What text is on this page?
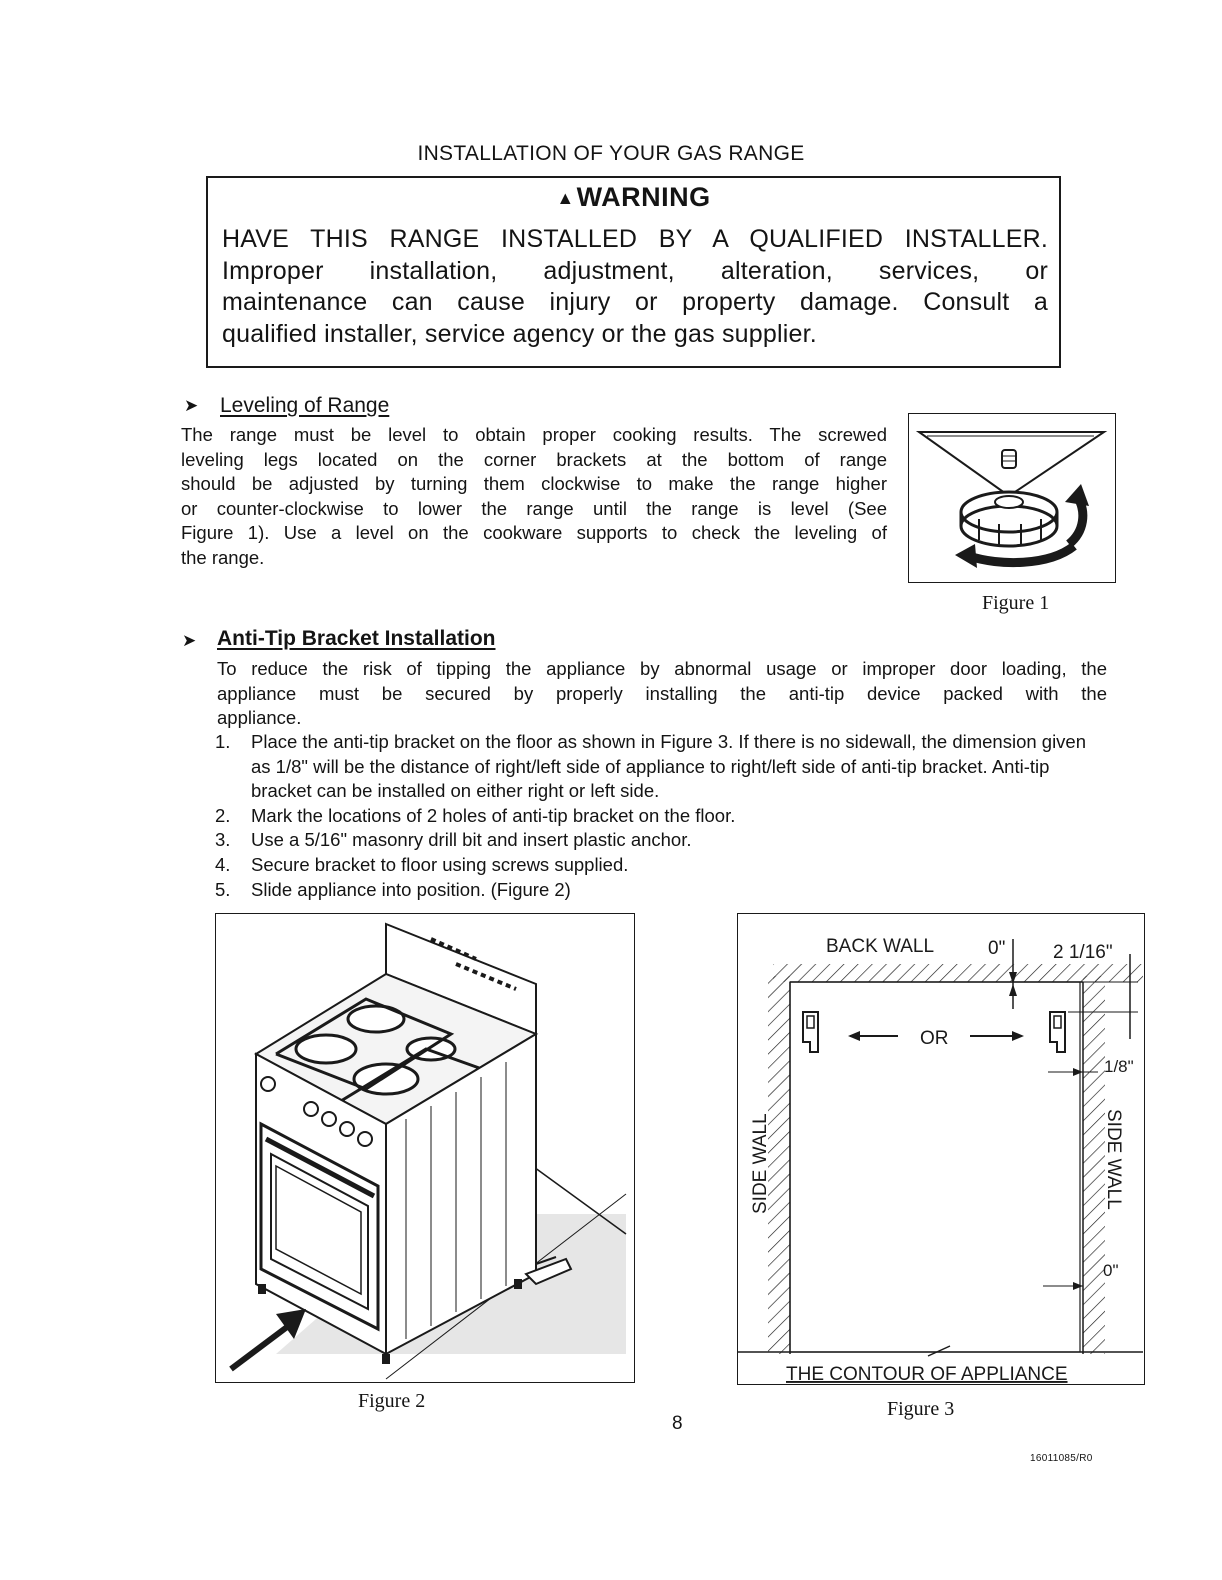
INSTALLATION OF YOUR GAS RANGE
▲WARNING
HAVE THIS RANGE INSTALLED BY A QUALIFIED INSTALLER.
Improper installation, adjustment, alteration, services, or
maintenance can cause injury or property damage. Consult a
qualified installer, service agency or the gas supplier.
➤ Leveling of Range
The range must be level to obtain proper cooking results. The screwed
leveling legs located on the corner brackets at the bottom of range
should be adjusted by turning them clockwise to make the range higher
or counter-clockwise to lower the range until the range is level (See
Figure 1). Use a level on the cookware supports to check the leveling of
the range.
Figure 1
➤ Anti-Tip Bracket Installation
To reduce the risk of tipping the appliance by abnormal usage or improper door loading, the
appliance must be secured by properly installing the anti-tip device packed with the
appliance.
1.	Place the anti-tip bracket on the floor as shown in Figure 3. If there is no sidewall, the dimension given as 1/8" will be the distance of right/left side of appliance to right/left side of anti-tip bracket. Anti-tip bracket can be installed on either right or left side.
2.	Mark the locations of 2 holes of anti-tip bracket on the floor.
3.	Use a 5/16" masonry drill bit and insert plastic anchor.
4.	Secure bracket to floor using screws supplied.
5.	Slide appliance into position. (Figure 2)
Figure 2
BACK WALL	0"	2 1/16"
OR
1/8"
SIDE WALL	SIDE WALL
0"
THE CONTOUR OF APPLIANCE
Figure 3
8
16011085/R0
